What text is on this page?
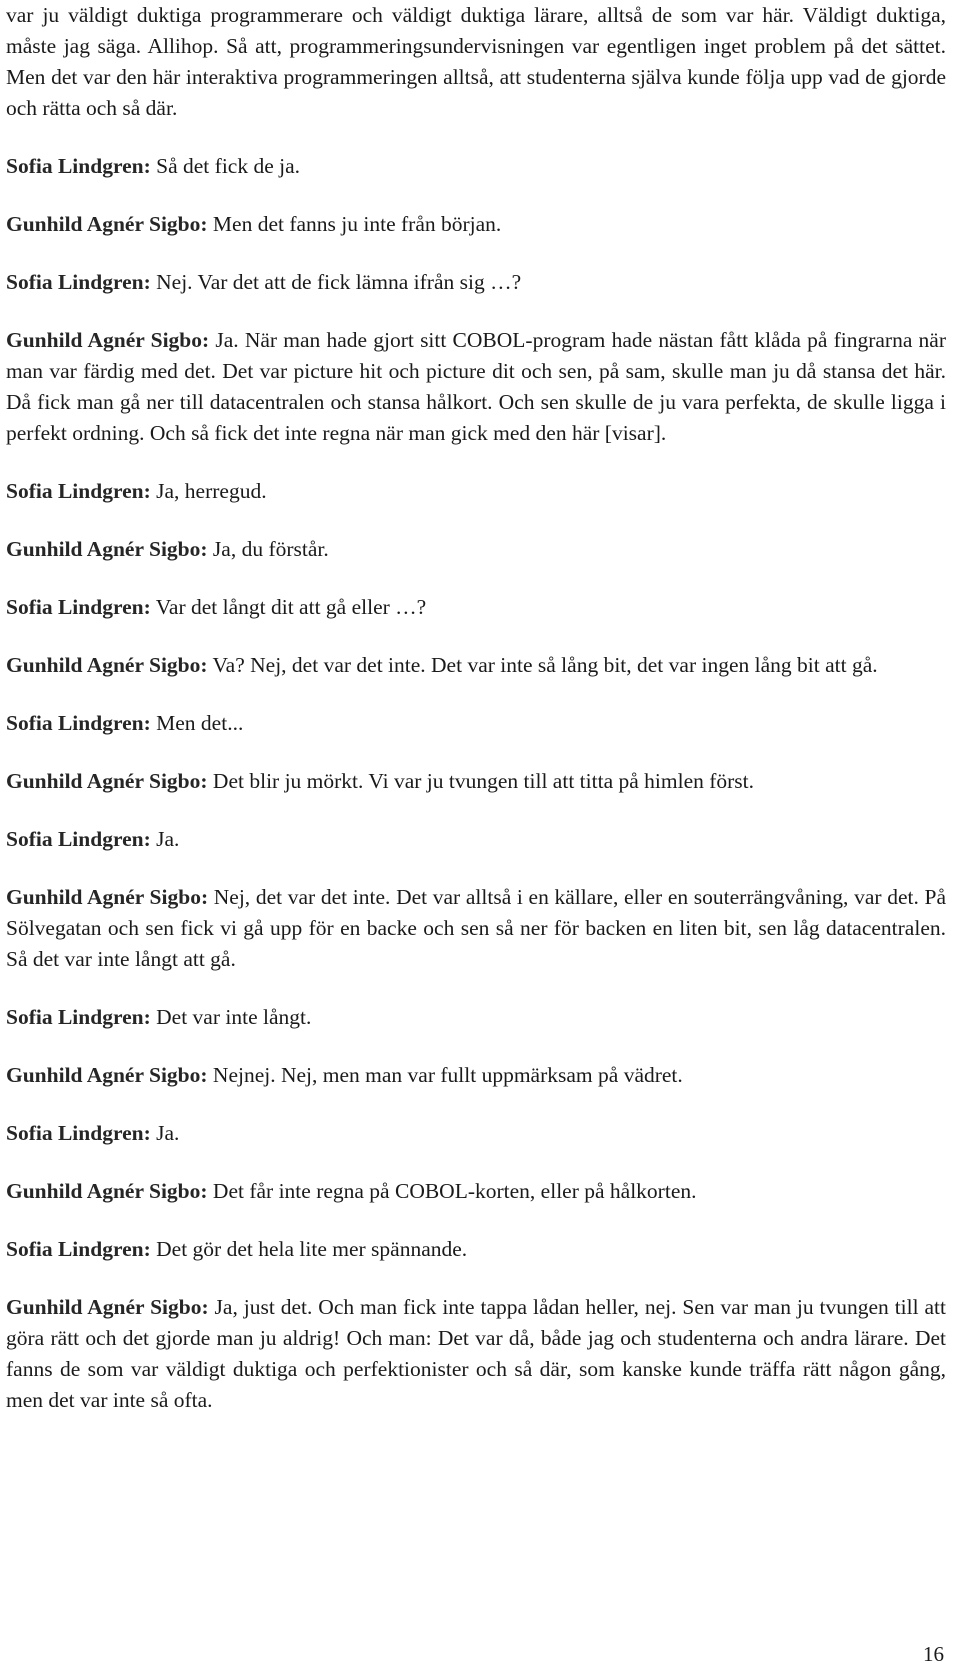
var ju väldigt duktiga programmerare och väldigt duktiga lärare, alltså de som var här. Väldigt duktiga, måste jag säga. Allihop. Så att, programmeringsundervisningen var egentligen inget problem på det sättet. Men det var den här interaktiva programmeringen alltså, att studenterna själva kunde följa upp vad de gjorde och rätta och så där.

Sofia Lindgren: Så det fick de ja.

Gunhild Agnér Sigbo: Men det fanns ju inte från början.

Sofia Lindgren: Nej. Var det att de fick lämna ifrån sig …?

Gunhild Agnér Sigbo: Ja. När man hade gjort sitt COBOL-program hade nästan fått klåda på fingrarna när man var färdig med det. Det var picture hit och picture dit och sen, på sam, skulle man ju då stansa det här. Då fick man gå ner till datacentralen och stansa hålkort. Och sen skulle de ju vara perfekta, de skulle ligga i perfekt ordning. Och så fick det inte regna när man gick med den här [visar].

Sofia Lindgren: Ja, herregud.

Gunhild Agnér Sigbo: Ja, du förstår.

Sofia Lindgren: Var det långt dit att gå eller …?

Gunhild Agnér Sigbo: Va? Nej, det var det inte. Det var inte så lång bit, det var ingen lång bit att gå.

Sofia Lindgren: Men det...

Gunhild Agnér Sigbo: Det blir ju mörkt. Vi var ju tvungen till att titta på himlen först.

Sofia Lindgren: Ja.

Gunhild Agnér Sigbo: Nej, det var det inte. Det var alltså i en källare, eller en souterrängvåning, var det. På Sölvegatan och sen fick vi gå upp för en backe och sen så ner för backen en liten bit, sen låg datacentralen. Så det var inte långt att gå.

Sofia Lindgren: Det var inte långt.

Gunhild Agnér Sigbo: Nejnej. Nej, men man var fullt uppmärksam på vädret.

Sofia Lindgren: Ja.

Gunhild Agnér Sigbo: Det får inte regna på COBOL-korten, eller på hålkorten.

Sofia Lindgren: Det gör det hela lite mer spännande.

Gunhild Agnér Sigbo: Ja, just det. Och man fick inte tappa lådan heller, nej. Sen var man ju tvungen till att göra rätt och det gjorde man ju aldrig! Och man: Det var då, både jag och studenterna och andra lärare. Det fanns de som var väldigt duktiga och perfektionister och så där, som kanske kunde träffa rätt någon gång, men det var inte så ofta.

16
